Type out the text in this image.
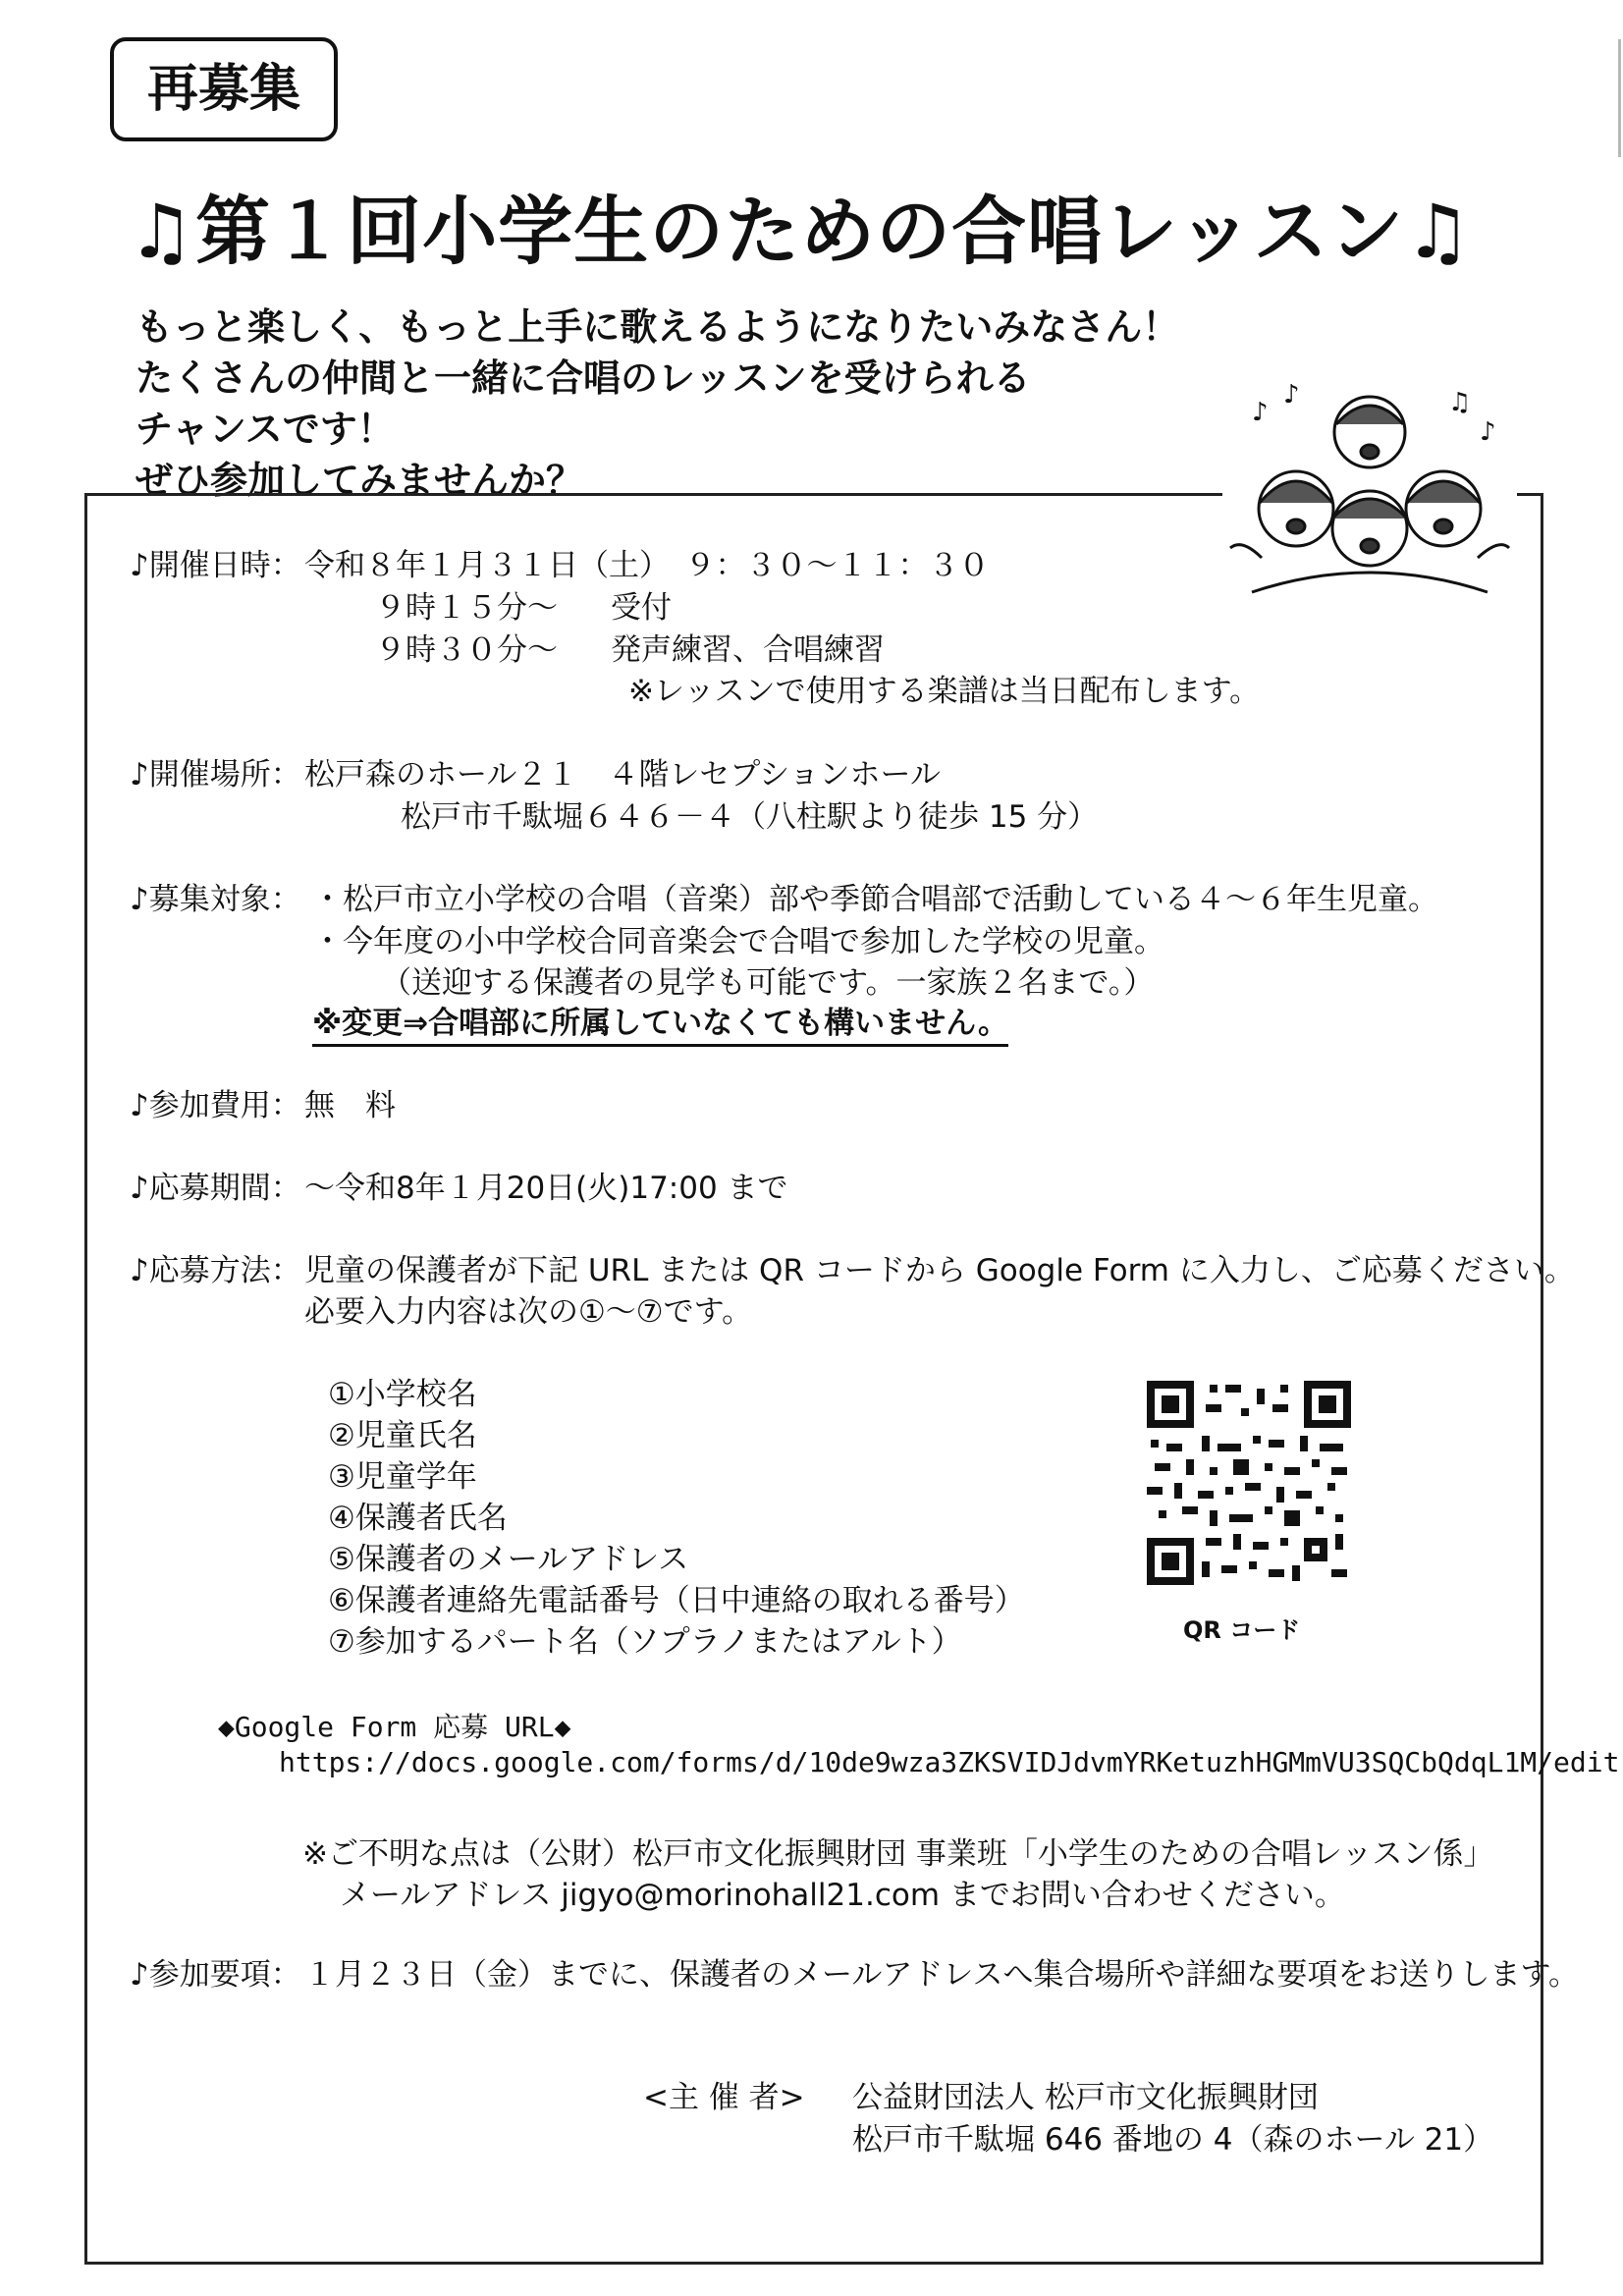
再募集
♫第１回小学生のための合唱レッスン♫
もっと楽しく、もっと上手に歌えるようになりたいみなさん！
たくさんの仲間と一緒に合唱のレッスンを受けられる
チャンスです！
ぜひ参加してみませんか？
♪
♪	♫
♪
♪開催日時： 令和８年１月３１日（土）　９：３０～１１：３０
９時１５分～ 受付
９時３０分～ 発声練習、合唱練習
※レッスンで使用する楽譜は当日配布します。
♪開催場所： 松戸森のホール２１　４階レセプションホール
松戸市千駄堀６４６－４（八柱駅より徒歩 15 分）
♪募集対象： ・松戸市立小学校の合唱（音楽）部や季節合唱部で活動している４～６年生児童。
・今年度の小中学校合同音楽会で合唱で参加した学校の児童。
（送迎する保護者の見学も可能です。一家族２名まで。）
※変更⇒合唱部に所属していなくても構いません。
♪参加費用： 無　料
♪応募期間： ～令和8年１月20日(火)17:00 まで
♪応募方法： 児童の保護者が下記 URL または QR コードから Google Form に入力し、ご応募ください。
必要入力内容は次の①～⑦です。
①小学校名
②児童氏名
③児童学年
④保護者氏名
⑤保護者のメールアドレス
⑥保護者連絡先電話番号（日中連絡の取れる番号）
⑦参加するパート名（ソプラノまたはアルト）	QR コード
◆Google Form 応募 URL◆
https://docs.google.com/forms/d/10de9wza3ZKSVIDJdvmYRKetuzhHGMmVU3SQCbQdqL1M/edit
※ご不明な点は（公財）松戸市文化振興財団 事業班「小学生のための合唱レッスン係」
メールアドレス jigyo@morinohall21.com までお問い合わせください。
♪参加要項： １月２３日（金）までに、保護者のメールアドレスへ集合場所や詳細な要項をお送りします。
<主 催 者> 公益財団法人 松戸市文化振興財団
松戸市千駄堀 646 番地の 4（森のホール 21）
